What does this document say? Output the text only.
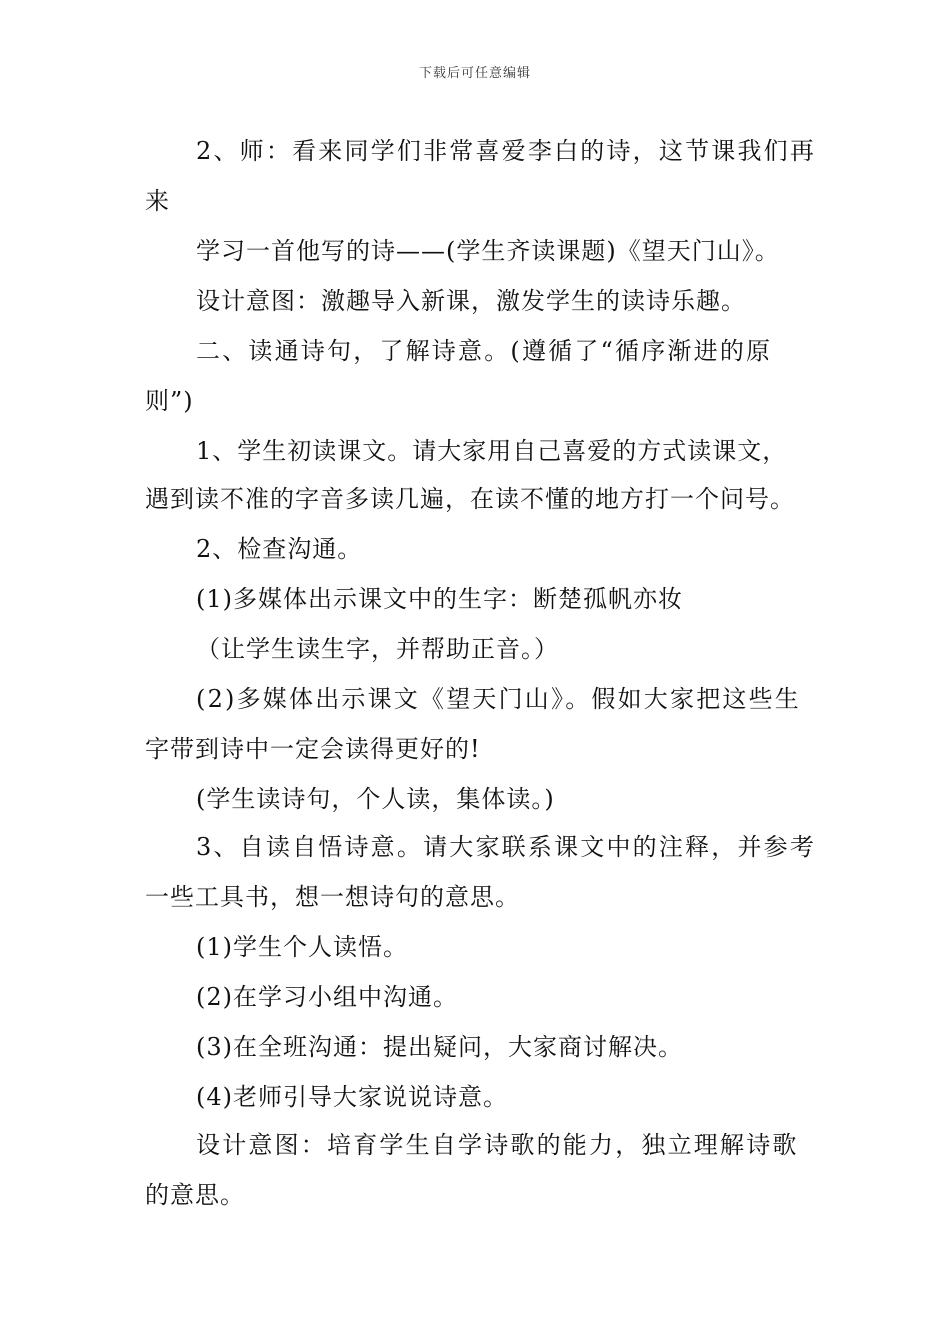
下载后可任意编辑
2、师：看来同学们非常喜爱李白的诗，这节课我们再
来
学习一首他写的诗——(学生齐读课题)《望天门山》。
设计意图：激趣导入新课，激发学生的读诗乐趣。
二、读通诗句，了解诗意。(遵循了“循序渐进的原
则”)
1、学生初读课文。请大家用自己喜爱的方式读课文，
遇到读不准的字音多读几遍，在读不懂的地方打一个问号。
2、检查沟通。
(1)多媒体出示课文中的生字：断楚孤帆亦妆
（让学生读生字，并帮助正音。）
(2)多媒体出示课文《望天门山》。假如大家把这些生
字带到诗中一定会读得更好的!
(学生读诗句，个人读，集体读。)
3、自读自悟诗意。请大家联系课文中的注释，并参考
一些工具书，想一想诗句的意思。
(1)学生个人读悟。
(2)在学习小组中沟通。
(3)在全班沟通：提出疑问，大家商讨解决。
(4)老师引导大家说说诗意。
设计意图：培育学生自学诗歌的能力，独立理解诗歌
的意思。
